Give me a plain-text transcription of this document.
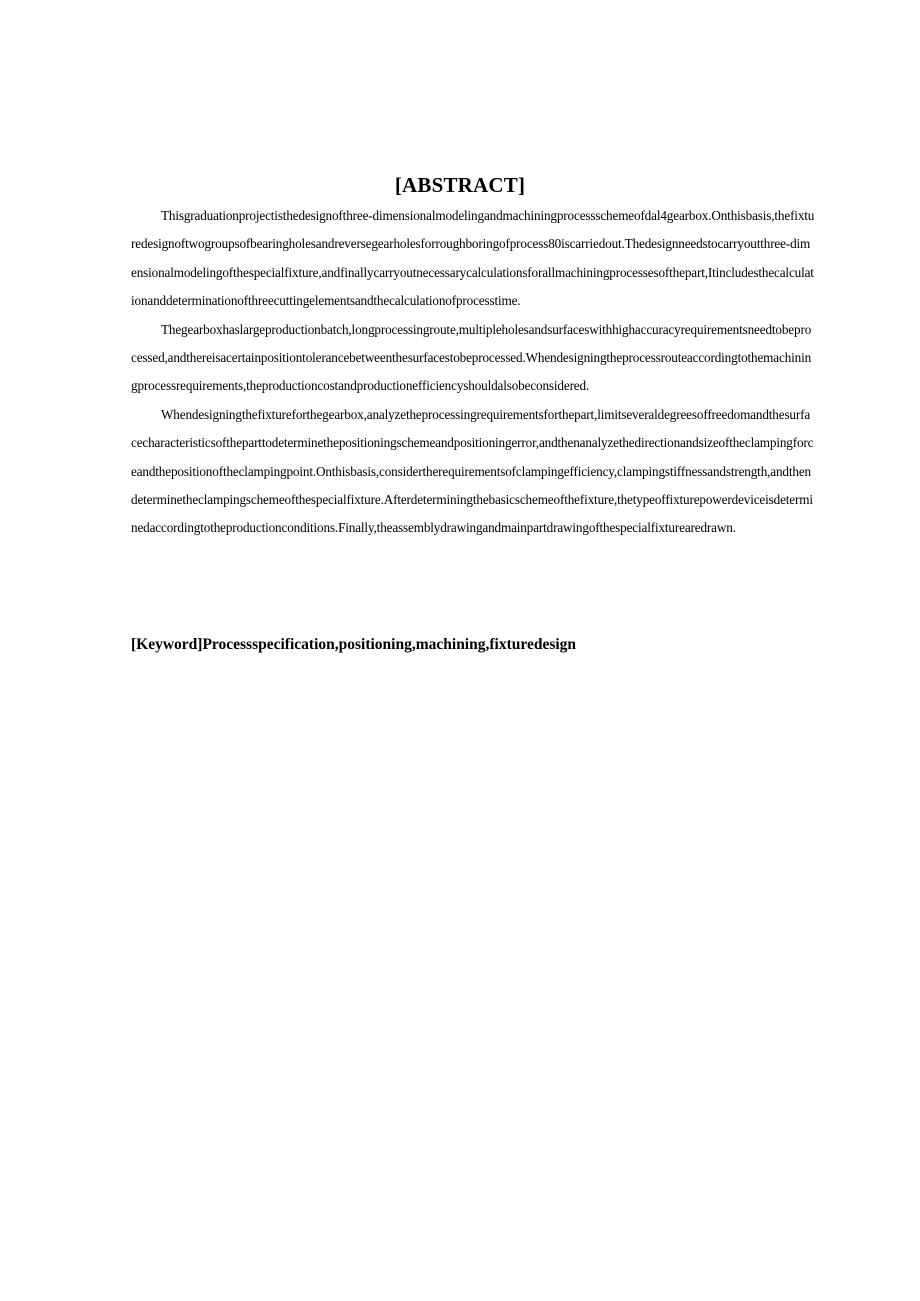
[ABSTRACT]

Thisgraduationprojectisthedesignofthree-dimensionalmodelingandmachiningprocessschemeofdal4gearbox.Onthisbasis,thefixturedesignoftwogroupsofbearingholesandreversegearholesforroughboringofprocess80iscarriedout.Thedesignneedstocarryoutthree-dimensionalmodelingofthespecialfixture,andfinallycarryoutnecessarycalculationsforallmachiningprocessesofthepart,Itincludesthecalculationanddeterminationofthreecuttingelementsandthecalculationofprocesstime.

Thegearboxhaslargeproductionbatch,longprocessingroute,multipleholesandsurfaceswithhighaccuracyrequirementsneedtobeprocessed,andthereisacertainpositiontolerancebetweenthesurfacestobeprocessed.Whendesigningtheprocessrouteaccordingtothemachiningprocessrequirements,theproductioncostandproductionefficiencyshouldalsobeconsidered.

Whendesigningthefixtureforthegearbox,analyzetheprocessingrequirementsforthepart,limitseveraldegreesoffreedomandthesurfacecharacteristicsoftheparttodeterminethepositioningschemeandpositioningerror,andthenanalyzethedirectionandsizeoftheclampingforceandthepositionoftheclampingpoint.Onthisbasis,considertherequirementsofclampingefficiency,clampingstiffnessandstrength,andthendeterminetheclampingschemeofthespecialfixture.Afterdeterminingthebasicschemeofthefixture,thetypeoffixturepowerdeviceisdeterminedaccordingtotheproductionconditions.Finally,theassemblydrawingandmainpartdrawingofthespecialfixturearedrawn.

[Keyword]Processspecification,positioning,machining,fixturedesign
